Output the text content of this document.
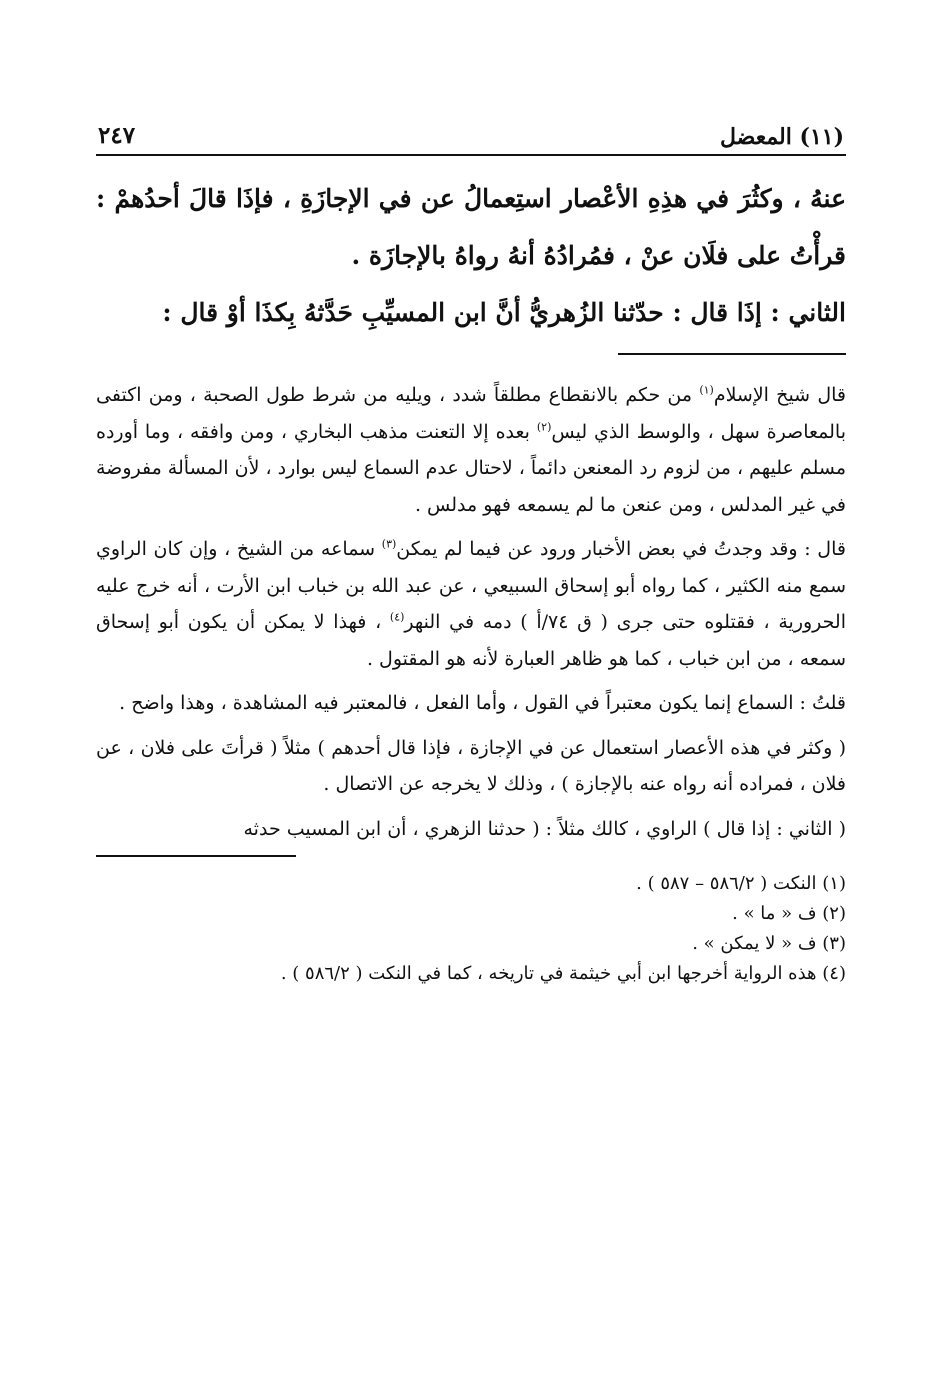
(١١) المعضل
٢٤٧

عنهُ ، وكثُرَ في هذِهِ الأعْصار استِعمالُ عن في الإجازَةِ ، فإذَا قالَ أحدُهمْ : قرأْتُ على فلَان عنْ ، فمُرادُهُ أنهُ رواهُ بالإجازَة .

الثاني : إذَا قال : حدّثنا الزُهريُّ أنَّ ابن المسيِّبِ حَدَّثهُ بِكذَا أوْ قال :

قال شيخ الإسلام$^{(١)}$ من حكم بالانقطاع مطلقاً شدد ، ويليه من شرط طول الصحبة ، ومن اكتفى بالمعاصرة سهل ، والوسط الذي ليس$^{(٢)}$ بعده إلا التعنت مذهب البخاري ، ومن وافقه ، وما أورده مسلم عليهم ، من لزوم رد المعنعن دائماً ، لاحتال عدم السماع ليس بوارد ، لأن المسألة مفروضة في غير المدلس ، ومن عنعن ما لم يسمعه فهو مدلس .

قال : وقد وجدتُ في بعض الأخبار ورود عن فيما لم يمكن$^{(٣)}$ سماعه من الشيخ ، وإن كان الراوي سمع منه الكثير ، كما رواه أبو إسحاق السبيعي ، عن عبد الله بن خباب ابن الأرت ، أنه خرج عليه الحرورية ، فقتلوه حتى جرى ( ق ٧٤/أ ) دمه في النهر$^{(٤)}$ ، فهذا لا يمكن أن يكون أبو إسحاق سمعه ، من ابن خباب ، كما هو ظاهر العبارة لأنه هو المقتول .

قلتُ : السماع إنما يكون معتبراً في القول ، وأما الفعل ، فالمعتبر فيه المشاهدة ، وهذا واضح .

( وكثر في هذه الأعصار استعمال عن في الإجازة ، فإذا قال أحدهم ) مثلاً ( قرأتَ على فلان ، عن فلان ، فمراده أنه رواه عنه بالإجازة ) ، وذلك لا يخرجه عن الاتصال .

( الثاني : إذا قال ) الراوي ، كالك مثلاً : ( حدثنا الزهري ، أن ابن المسيب حدثه

(١) النكت ( ٥٨٦/٢ – ٥٨٧ ) .
(٢) ف « ما » .
(٣) ف « لا يمكن » .
(٤) هذه الرواية أخرجها ابن أبي خيثمة في تاريخه ، كما في النكت ( ٥٨٦/٢ ) .
